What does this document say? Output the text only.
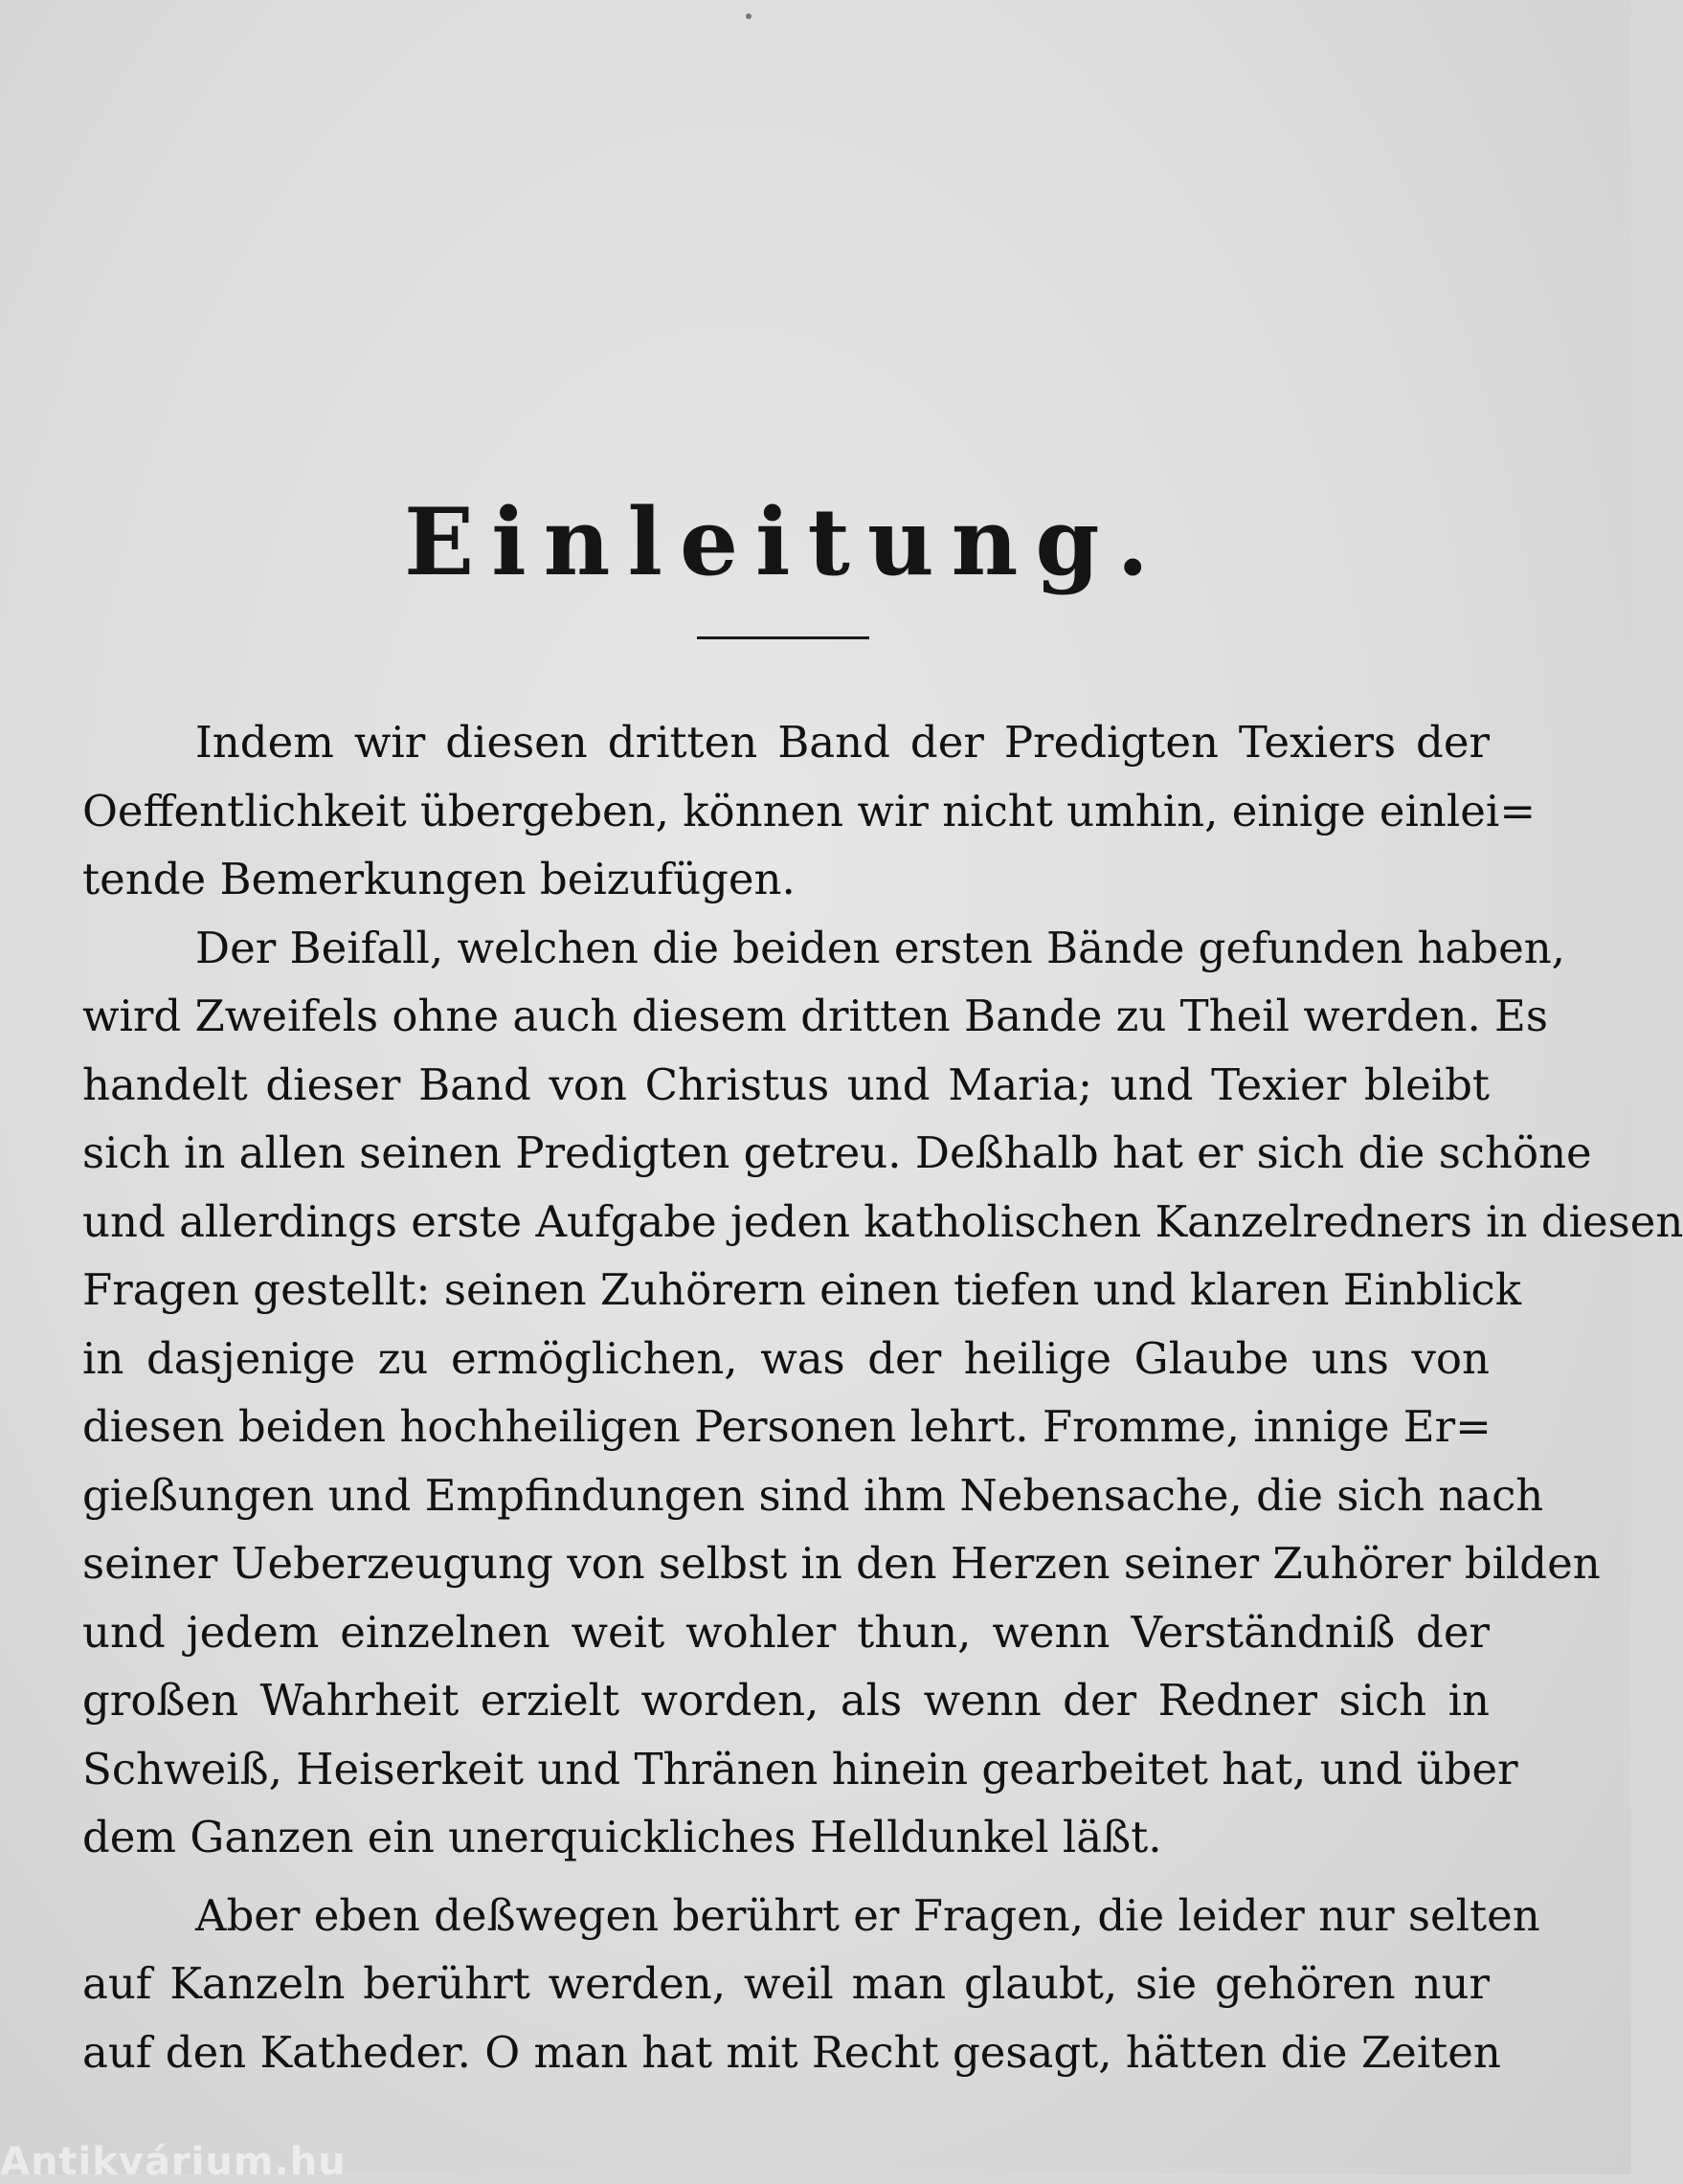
Einleitung.
Indem wir diesen dritten Band der Predigten Texiers der
Oeffentlichkeit übergeben, können wir nicht umhin, einige einlei=
tende Bemerkungen beizufügen.
Der Beifall, welchen die beiden ersten Bände gefunden haben,
wird Zweifels ohne auch diesem dritten Bande zu Theil werden. Es
handelt dieser Band von Christus und Maria; und Texier bleibt
sich in allen seinen Predigten getreu. Deßhalb hat er sich die schöne
und allerdings erste Aufgabe jeden katholischen Kanzelredners in diesen
Fragen gestellt: seinen Zuhörern einen tiefen und klaren Einblick
in dasjenige zu ermöglichen, was der heilige Glaube uns von
diesen beiden hochheiligen Personen lehrt. Fromme, innige Er=
gießungen und Empfindungen sind ihm Nebensache, die sich nach
seiner Ueberzeugung von selbst in den Herzen seiner Zuhörer bilden
und jedem einzelnen weit wohler thun, wenn Verständniß der
großen Wahrheit erzielt worden, als wenn der Redner sich in
Schweiß, Heiserkeit und Thränen hinein gearbeitet hat, und über
dem Ganzen ein unerquickliches Helldunkel läßt.
Aber eben deßwegen berührt er Fragen, die leider nur selten
auf Kanzeln berührt werden, weil man glaubt, sie gehören nur
auf den Katheder. O man hat mit Recht gesagt, hätten die Zeiten
Antikvárium.hu
